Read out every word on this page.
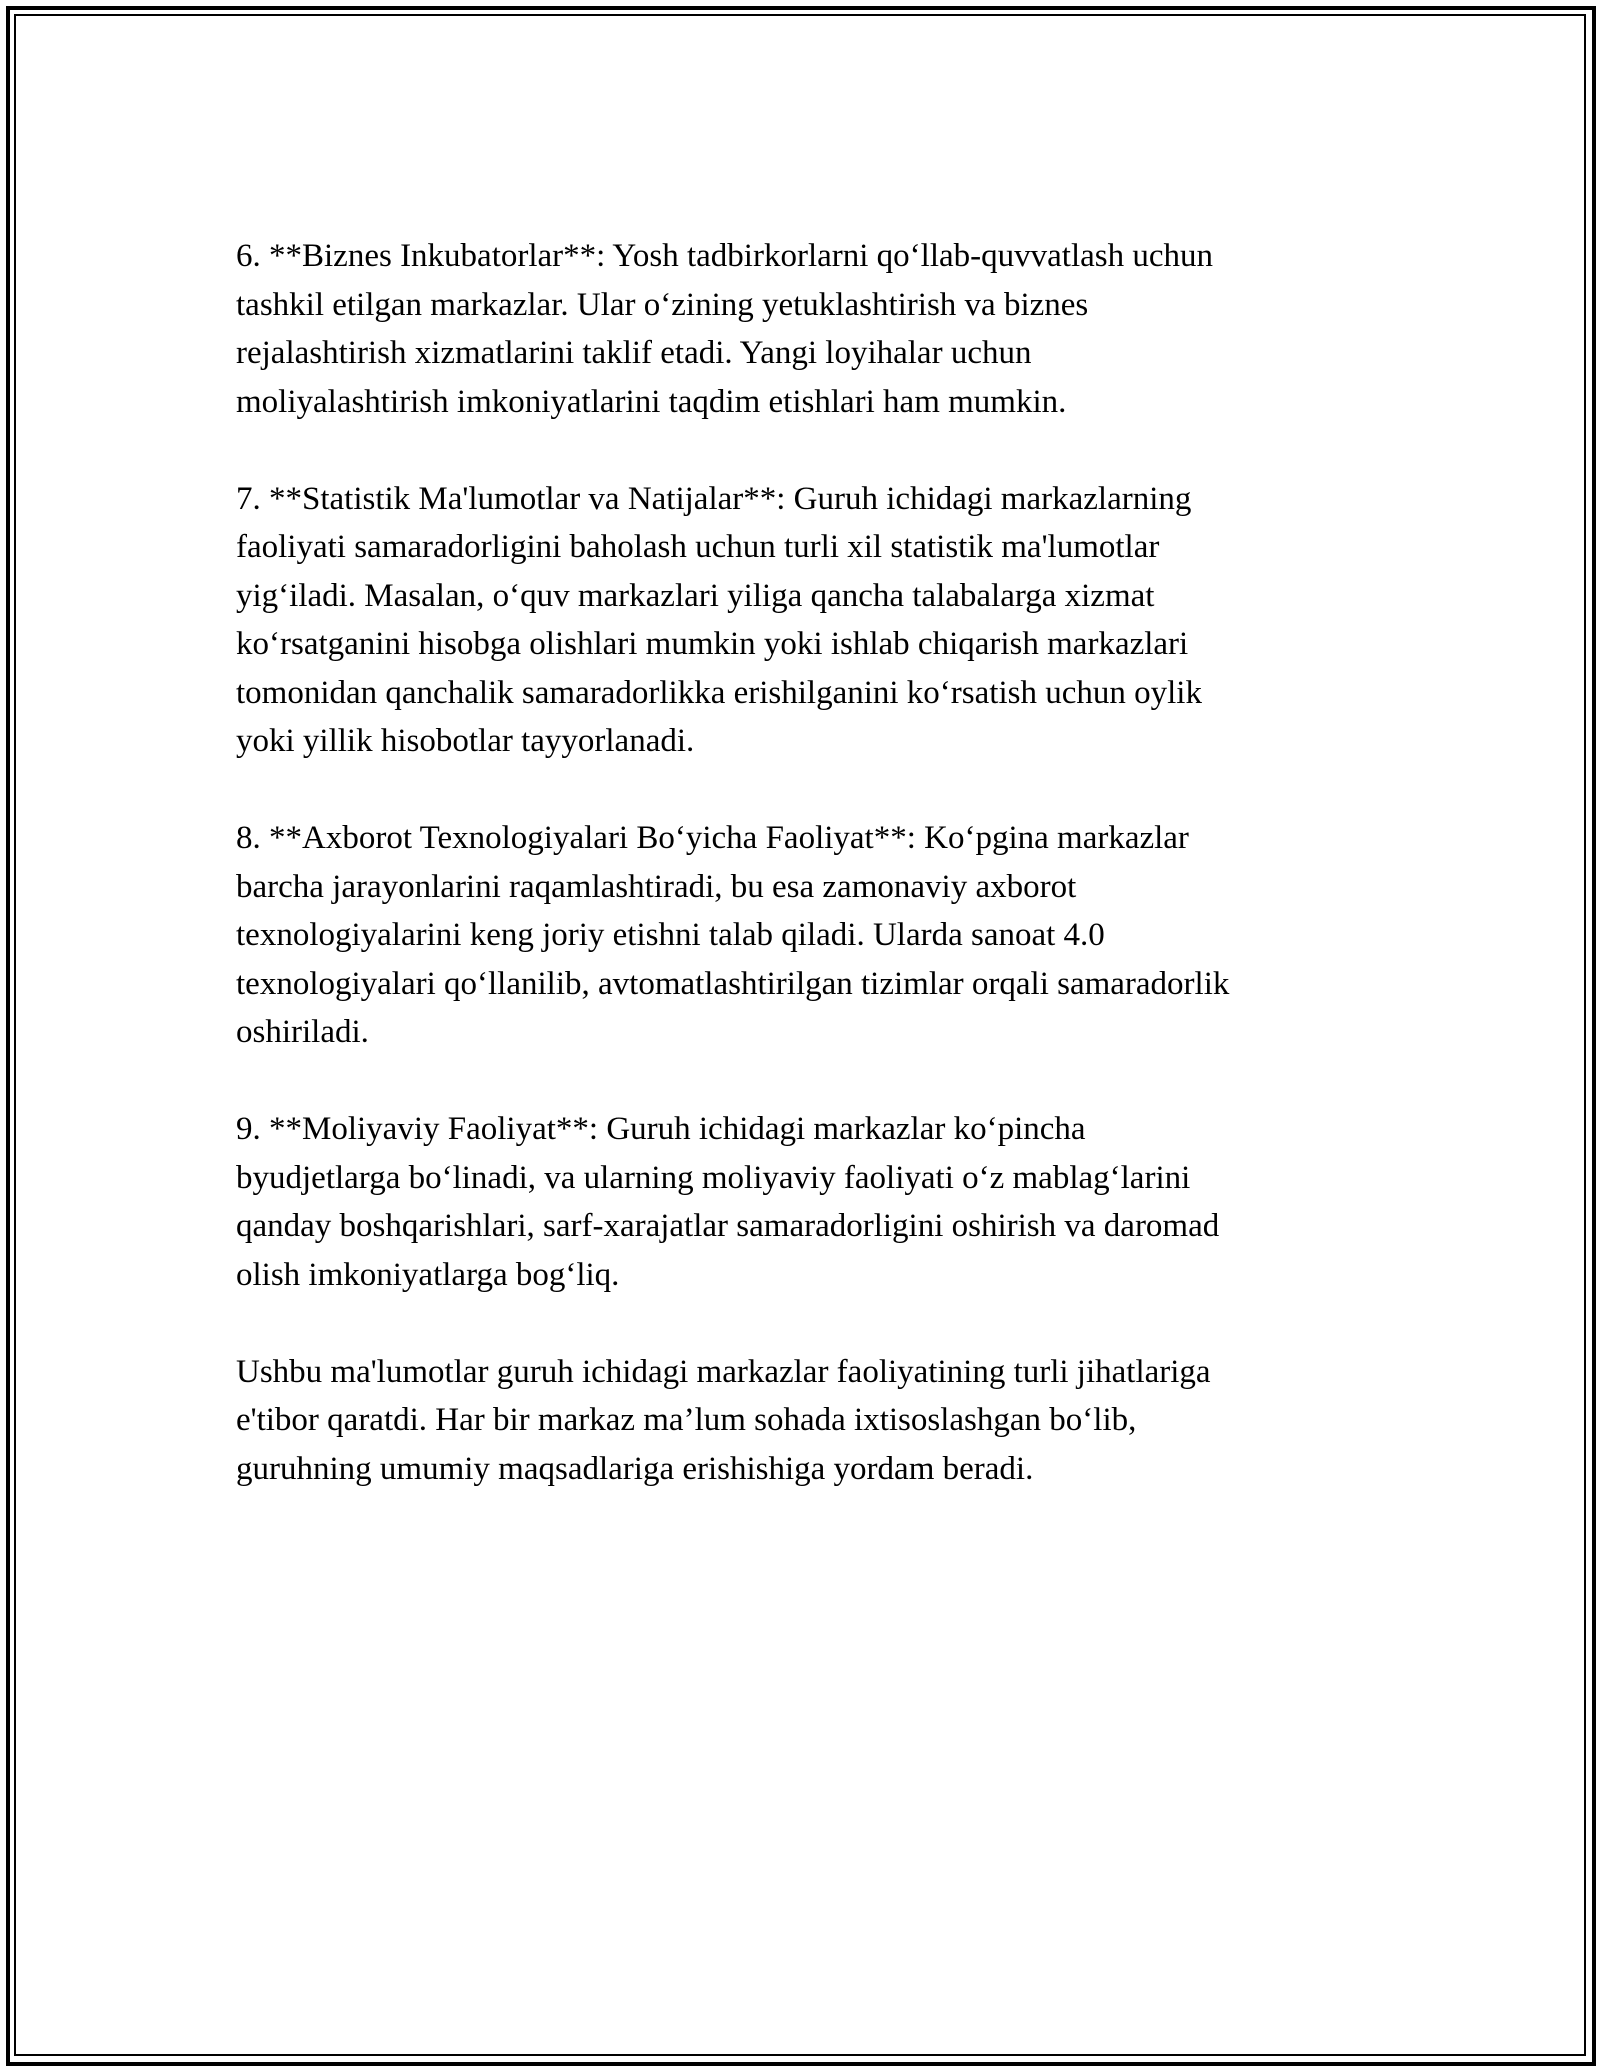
6. **Biznes Inkubatorlar**: Yosh tadbirkorlarni qo‘llab-quvvatlash uchun
tashkil etilgan markazlar. Ular o‘zining yetuklashtirish va biznes
rejalashtirish xizmatlarini taklif etadi. Yangi loyihalar uchun
moliyalashtirish imkoniyatlarini taqdim etishlari ham mumkin.

7. **Statistik Ma'lumotlar va Natijalar**: Guruh ichidagi markazlarning
faoliyati samaradorligini baholash uchun turli xil statistik ma'lumotlar
yig‘iladi. Masalan, o‘quv markazlari yiliga qancha talabalarga xizmat
ko‘rsatganini hisobga olishlari mumkin yoki ishlab chiqarish markazlari
tomonidan qanchalik samaradorlikka erishilganini ko‘rsatish uchun oylik
yoki yillik hisobotlar tayyorlanadi.

8. **Axborot Texnologiyalari Bo‘yicha Faoliyat**: Ko‘pgina markazlar
barcha jarayonlarini raqamlashtiradi, bu esa zamonaviy axborot
texnologiyalarini keng joriy etishni talab qiladi. Ularda sanoat 4.0
texnologiyalari qo‘llanilib, avtomatlashtirilgan tizimlar orqali samaradorlik
oshiriladi.

9. **Moliyaviy Faoliyat**: Guruh ichidagi markazlar ko‘pincha
byudjetlarga bo‘linadi, va ularning moliyaviy faoliyati o‘z mablag‘larini
qanday boshqarishlari, sarf-xarajatlar samaradorligini oshirish va daromad
olish imkoniyatlarga bog‘liq.

Ushbu ma'lumotlar guruh ichidagi markazlar faoliyatining turli jihatlariga
e'tibor qaratdi. Har bir markaz ma’lum sohada ixtisoslashgan bo‘lib,
guruhning umumiy maqsadlariga erishishiga yordam beradi.
